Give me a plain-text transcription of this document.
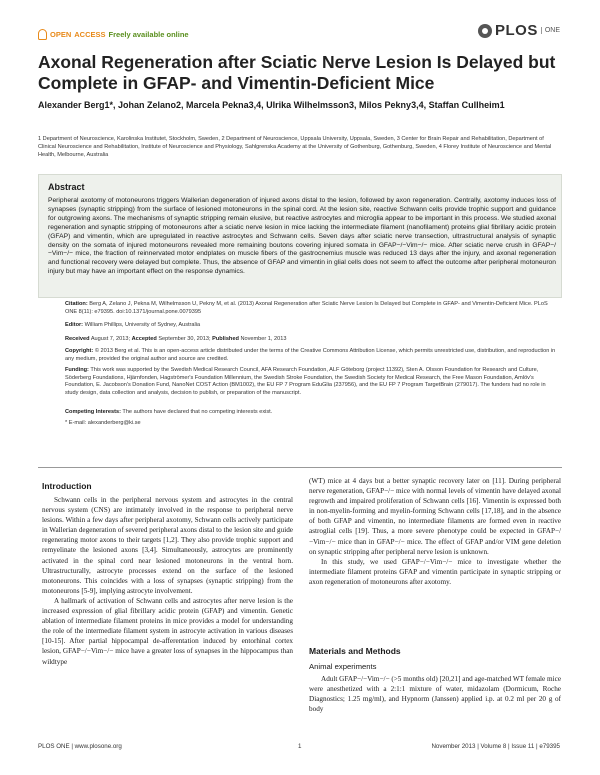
OPEN ACCESS Freely available online	PLOS	ONE
Axonal Regeneration after Sciatic Nerve Lesion Is Delayed but Complete in GFAP- and Vimentin-Deficient Mice
Alexander Berg1*, Johan Zelano2, Marcela Pekna3,4, Ulrika Wilhelmsson3, Milos Pekny3,4, Staffan Cullheim1
1 Department of Neuroscience, Karolinska Institutet, Stockholm, Sweden, 2 Department of Neuroscience, Uppsala University, Uppsala, Sweden, 3 Center for Brain Repair and Rehabilitation, Department of Clinical Neuroscience and Rehabilitation, Institute of Neuroscience and Physiology, Sahlgrenska Academy at the University of Gothenburg, Gothenburg, Sweden, 4 Florey Institute of Neuroscience and Mental Health, Melbourne, Australia
Abstract
Peripheral axotomy of motoneurons triggers Wallerian degeneration of injured axons distal to the lesion, followed by axon regeneration. Centrally, axotomy induces loss of synapses (synaptic stripping) from the surface of lesioned motoneurons in the spinal cord. At the lesion site, reactive Schwann cells provide trophic support and guidance for outgrowing axons. The mechanisms of synaptic stripping remain elusive, but reactive astrocytes and microglia appear to be important in this process. We studied axonal regeneration and synaptic stripping of motoneurons after a sciatic nerve lesion in mice lacking the intermediate filament (nanofilament) proteins glial fibrillary acidic protein (GFAP) and vimentin, which are upregulated in reactive astrocytes and Schwann cells. Seven days after sciatic nerve transection, ultrastructural analysis of synaptic density on the somata of injured motoneurons revealed more remaining boutons covering injured somata in GFAP−/−Vim−/− mice. After sciatic nerve crush in GFAP−/−Vim−/− mice, the fraction of reinnervated motor endplates on muscle fibers of the gastrocnemius muscle was reduced 13 days after the injury, and axonal regeneration and functional recovery were delayed but complete. Thus, the absence of GFAP and vimentin in glial cells does not seem to affect the outcome after peripheral motoneuron injury but may have an important effect on the response dynamics.
Citation: Berg A, Zelano J, Pekna M, Wilhelmsson U, Pekny M, et al. (2013) Axonal Regeneration after Sciatic Nerve Lesion Is Delayed but Complete in GFAP- and Vimentin-Deficient Mice. PLoS ONE 8(11): e79395. doi:10.1371/journal.pone.0079395
Editor: William Phillips, University of Sydney, Australia
Received August 7, 2013; Accepted September 30, 2013; Published November 1, 2013
Copyright: © 2013 Berg et al. This is an open-access article distributed under the terms of the Creative Commons Attribution License, which permits unrestricted use, distribution, and reproduction in any medium, provided the original author and source are credited.
Funding: This work was supported by the Swedish Medical Research Council, AFA Research Foundation, ALF Göteborg (project 11392), Sten A. Olsson Foundation for Research and Culture, Söderberg Foundations, Hjärnfonden, Hagströmer's Foundation Millennium, the Swedish Stroke Foundation, the Swedish Society for Medical Research, the Free Mason Foundation, Amlöv's Foundation, E. Jacobson's Donation Fund, NanoNet COST Action (BM1002), the EU FP 7 Program EduGlia (237956), and the EU FP 7 Program TargetBrain (279017). The funders had no role in study design, data collection and analysis, decision to publish, or preparation of the manuscript.
Competing Interests: The authors have declared that no competing interests exist.
* E-mail: alexanderberg@ki.se
Introduction

Schwann cells in the peripheral nervous system and astrocytes in the central nervous system (CNS) are intimately involved in the response to peripheral nerve lesions. Within a few days after peripheral axotomy, Schwann cells actively participate in Wallerian degeneration of severed peripheral axons distal to the lesion site and guide regenerating motor axons to their targets [1,2]. They also provide trophic support and remyelinate the lesioned axons [3,4]. Simultaneously, astrocytes are prominently activated in the spinal cord near lesioned motoneurons in the ventral horn. Ultrastructurally, astrocyte processes extend on the surface of the lesioned motoneurons. This coincides with a loss of synapses (synaptic stripping) from the motoneurons [5-9], implying astrocyte involvement.

A hallmark of activation of Schwann cells and astrocytes after nerve lesion is the increased expression of glial fibrillary acidic protein (GFAP) and vimentin. Genetic ablation of intermediate filament proteins in mice provides a model for understanding the role of the intermediate filament system in astrocyte activation in various diseases [10-15]. After partial hippocampal de-afferentation induced by entorhinal cortex lesion, GFAP−/−Vim−/− mice have a greater loss of synapses in the hippocampus than wildtype

(WT) mice at 4 days but a better synaptic recovery later on [11]. During peripheral nerve regeneration, GFAP−/− mice with normal levels of vimentin have delayed axonal regrowth and impaired proliferation of Schwann cells [16]. Vimentin is expressed both in non-myelin-forming and myelin-forming Schwann cells [17,18], and in the absence of both GFAP and vimentin, no intermediate filaments are formed even in reactive astroglial cells [19]. Thus, a more severe phenotype could be expected in GFAP−/−Vim−/− mice than in GFAP−/− mice. The effect of GFAP and/or VIM gene deletion on synaptic stripping after peripheral nerve lesion is unknown.

In this study, we used GFAP−/−Vim−/− mice to investigate whether the intermediate filament proteins GFAP and vimentin participate in synaptic stripping or axon regeneration of motoneurons after axotomy.

Materials and Methods
Animal experiments

Adult GFAP−/−Vim−/− (>5 months old) [20,21] and age-matched WT female mice were anesthetized with a 2:1:1 mixture of water, midazolam (Dormicum, Roche Diagnostics; 1.25 mg/ml), and Hypnorm (Janssen) applied i.p. at 0.2 ml per 20 g of body

PLOS ONE | www.plosone.org	1	November 2013 | Volume 8 | Issue 11 | e79395
